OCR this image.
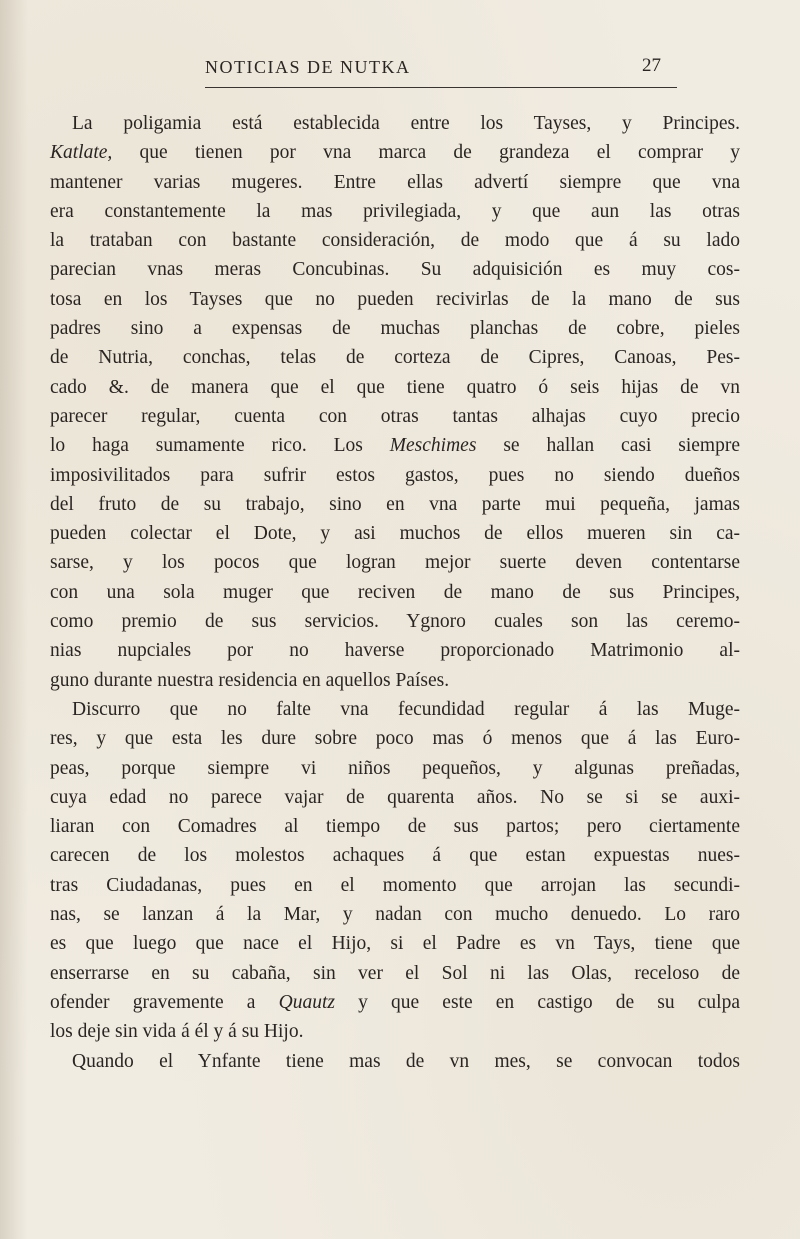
NOTICIAS DE NUTKA	27
La poligamia está establecida entre los Tayses, y Principes.
Katlate, que tienen por vna marca de grandeza el comprar y
mantener varias mugeres. Entre ellas advertí siempre que vna
era constantemente la mas privilegiada, y que aun las otras
la trataban con bastante consideración, de modo que á su lado
parecian vnas meras Concubinas. Su adquisición es muy cos-
tosa en los Tayses que no pueden recivirlas de la mano de sus
padres sino a expensas de muchas planchas de cobre, pieles
de Nutria, conchas, telas de corteza de Cipres, Canoas, Pes-
cado &. de manera que el que tiene quatro ó seis hijas de vn
parecer regular, cuenta con otras tantas alhajas cuyo precio
lo haga sumamente rico. Los Meschimes se hallan casi siempre
imposivilitados para sufrir estos gastos, pues no siendo dueños
del fruto de su trabajo, sino en vna parte mui pequeña, jamas
pueden colectar el Dote, y asi muchos de ellos mueren sin ca-
sarse, y los pocos que logran mejor suerte deven contentarse
con una sola muger que reciven de mano de sus Principes,
como premio de sus servicios. Ygnoro cuales son las ceremo-
nias nupciales por no haverse proporcionado Matrimonio al-
guno durante nuestra residencia en aquellos Países.
Discurro que no falte vna fecundidad regular á las Muge-
res, y que esta les dure sobre poco mas ó menos que á las Euro-
peas, porque siempre vi niños pequeños, y algunas preñadas,
cuya edad no parece vajar de quarenta años. No se si se auxi-
liaran con Comadres al tiempo de sus partos; pero ciertamente
carecen de los molestos achaques á que estan expuestas nues-
tras Ciudadanas, pues en el momento que arrojan las secundi-
nas, se lanzan á la Mar, y nadan con mucho denuedo. Lo raro
es que luego que nace el Hijo, si el Padre es vn Tays, tiene que
enserrarse en su cabaña, sin ver el Sol ni las Olas, receloso de
ofender gravemente a Quautz y que este en castigo de su culpa
los deje sin vida á él y á su Hijo.
Quando el Ynfante tiene mas de vn mes, se convocan todos
